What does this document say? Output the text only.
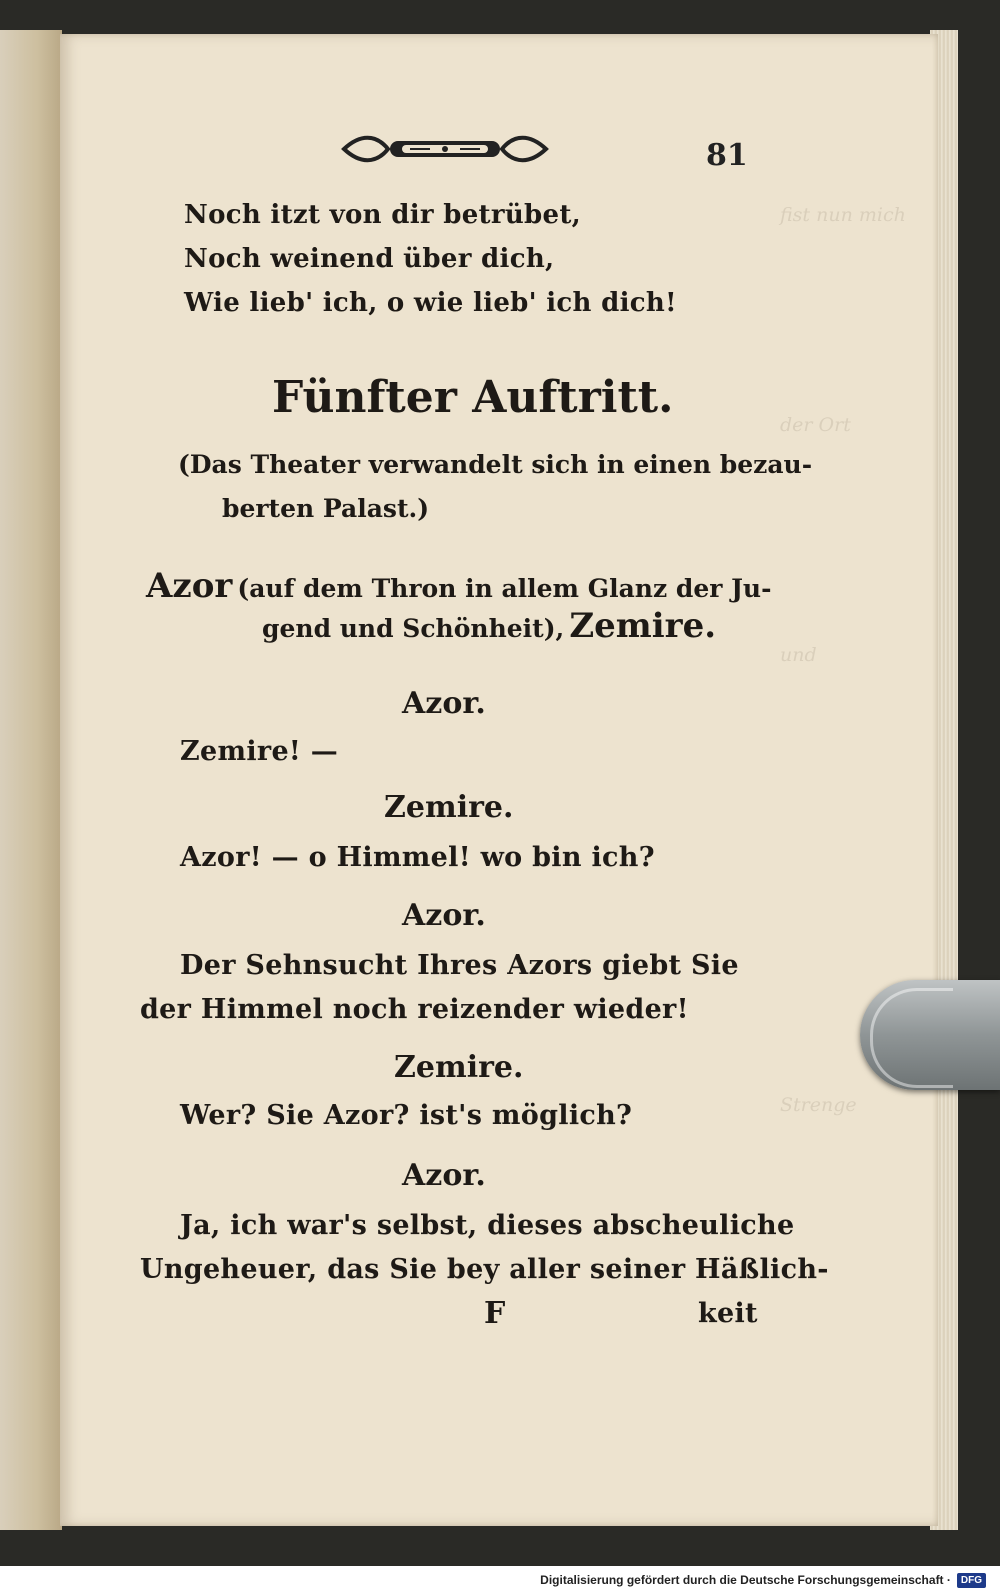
fist nun mich
der Ort
und
Strenge
81
Noch itzt von dir betrübet,
Noch weinend über dich,
Wie lieb' ich, o wie lieb' ich dich!
Fünfter Auftritt.
(Das Theater verwandelt sich in einen bezau-
berten Palast.)
Azor (auf dem Thron in allem Glanz der Ju-
gend und Schönheit), Zemire.
Azor.
Zemire! —
Zemire.
Azor! — o Himmel! wo bin ich?
Azor.
Der Sehnsucht Ihres Azors giebt Sie
der Himmel noch reizender wieder!
Zemire.
Wer? Sie Azor? ist's möglich?
Azor.
Ja, ich war's selbst, dieses abscheuliche
Ungeheuer, das Sie bey aller seiner Häßlich-
F	keit
Digitalisierung gefördert durch die Deutsche Forschungsgemeinschaft ·	DFG
